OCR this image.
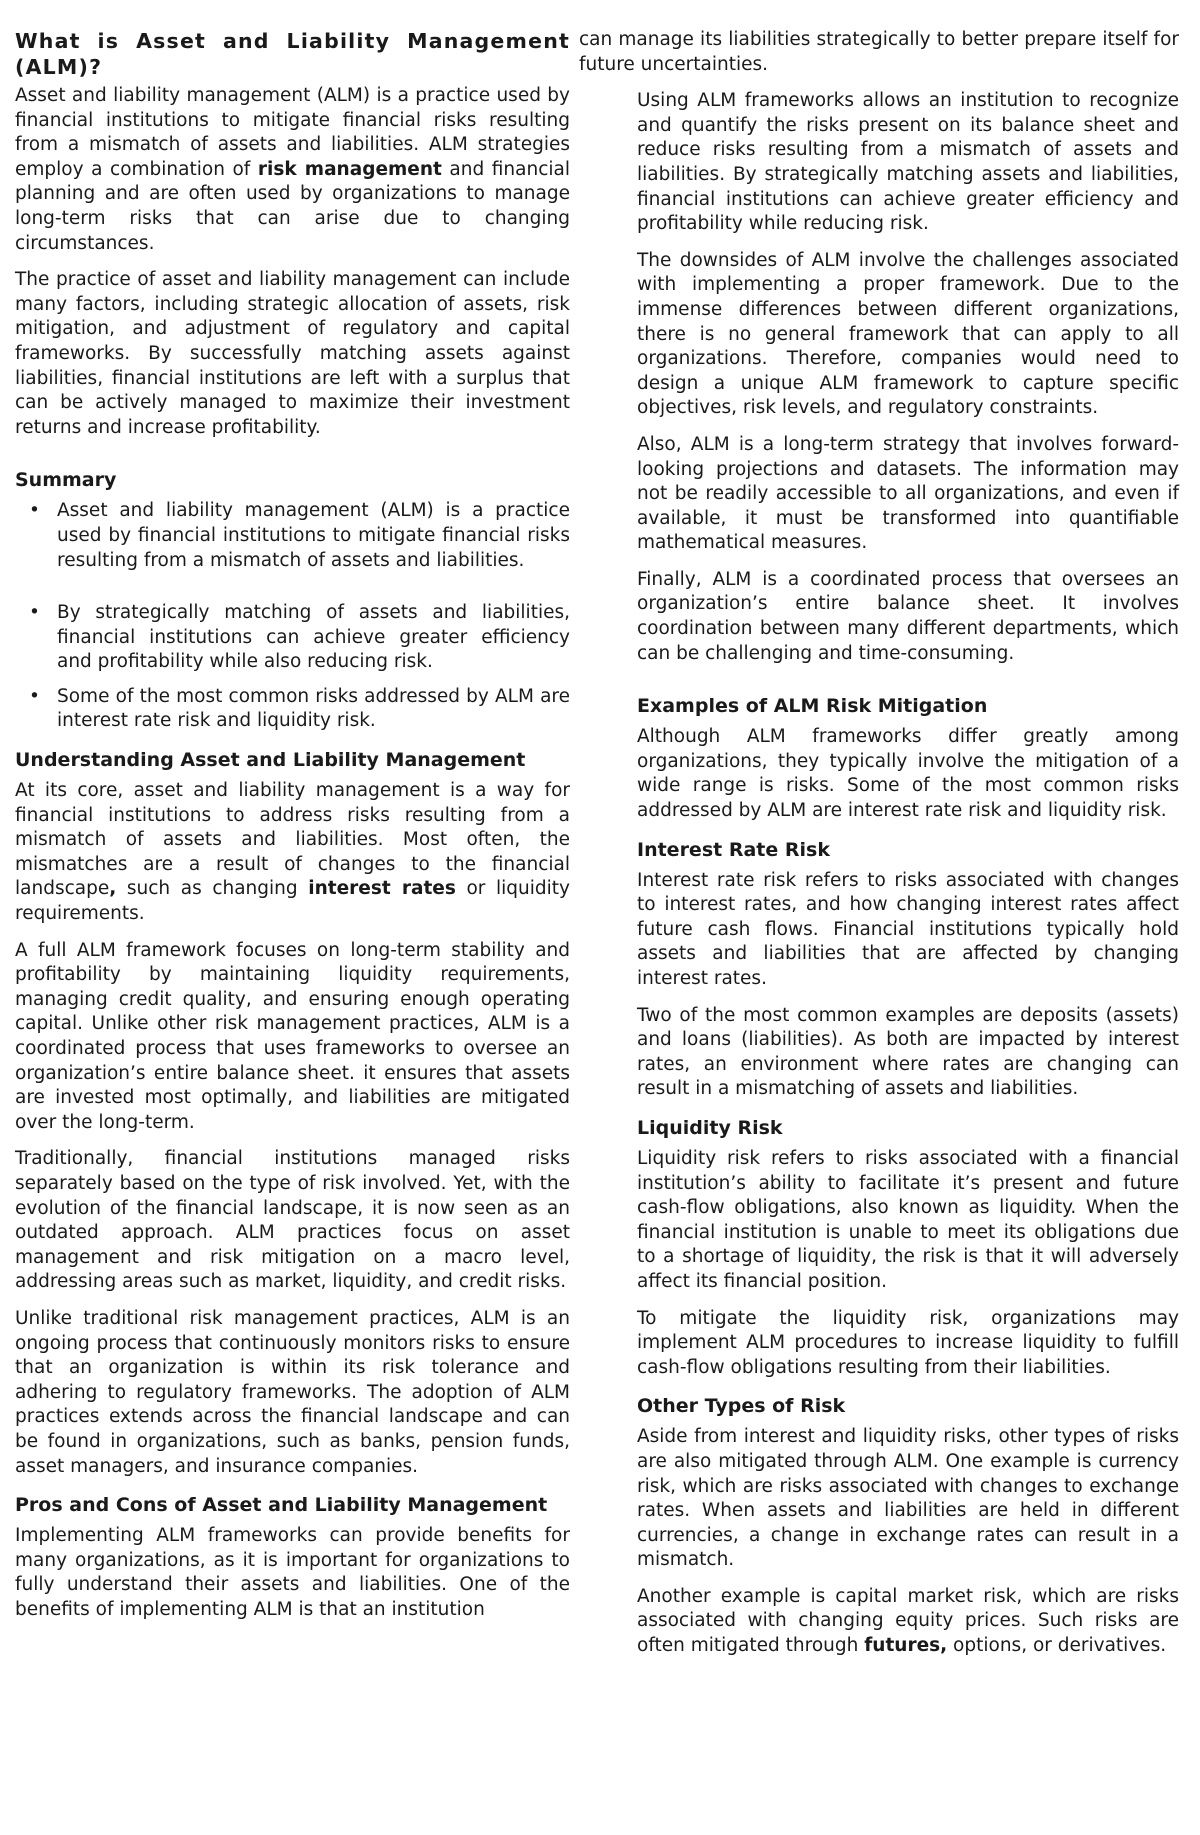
What is Asset and Liability Management (ALM)?

Asset and liability management (ALM) is a practice used by financial institutions to mitigate financial risks resulting from a mismatch of assets and liabilities. ALM strategies employ a combination of risk management and financial planning and are often used by organizations to manage long-term risks that can arise due to changing circumstances.

The practice of asset and liability management can include many factors, including strategic allocation of assets, risk mitigation, and adjustment of regulatory and capital frameworks. By successfully matching assets against liabilities, financial institutions are left with a surplus that can be actively managed to maximize their investment returns and increase profitability.

Summary
• Asset and liability management (ALM) is a practice used by financial institutions to mitigate financial risks resulting from a mismatch of assets and liabilities.
• By strategically matching of assets and liabilities, financial institutions can achieve greater efficiency and profitability while also reducing risk.
• Some of the most common risks addressed by ALM are interest rate risk and liquidity risk.
Understanding Asset and Liability Management

At its core, asset and liability management is a way for financial institutions to address risks resulting from a mismatch of assets and liabilities. Most often, the mismatches are a result of changes to the financial landscape, such as changing interest rates or liquidity requirements.

A full ALM framework focuses on long-term stability and profitability by maintaining liquidity requirements, managing credit quality, and ensuring enough operating capital. Unlike other risk management practices, ALM is a coordinated process that uses frameworks to oversee an organization’s entire balance sheet. it ensures that assets are invested most optimally, and liabilities are mitigated over the long-term.

Traditionally, financial institutions managed risks separately based on the type of risk involved. Yet, with the evolution of the financial landscape, it is now seen as an outdated approach. ALM practices focus on asset management and risk mitigation on a macro level, addressing areas such as market, liquidity, and credit risks.

Unlike traditional risk management practices, ALM is an ongoing process that continuously monitors risks to ensure that an organization is within its risk tolerance and adhering to regulatory frameworks. The adoption of ALM practices extends across the financial landscape and can be found in organizations, such as banks, pension funds, asset managers, and insurance companies.

Pros and Cons of Asset and Liability Management

Implementing ALM frameworks can provide benefits for many organizations, as it is important for organizations to fully understand their assets and liabilities. One of the benefits of implementing ALM is that an institution

can manage its liabilities strategically to better prepare itself for future uncertainties.

Using ALM frameworks allows an institution to recognize and quantify the risks present on its balance sheet and reduce risks resulting from a mismatch of assets and liabilities. By strategically matching assets and liabilities, financial institutions can achieve greater efficiency and profitability while reducing risk.

The downsides of ALM involve the challenges associated with implementing a proper framework. Due to the immense differences between different organizations, there is no general framework that can apply to all organizations. Therefore, companies would need to design a unique ALM framework to capture specific objectives, risk levels, and regulatory constraints.

Also, ALM is a long-term strategy that involves forward-looking projections and datasets. The information may not be readily accessible to all organizations, and even if available, it must be transformed into quantifiable mathematical measures.

Finally, ALM is a coordinated process that oversees an organization’s entire balance sheet. It involves coordination between many different departments, which can be challenging and time-consuming.

Examples of ALM Risk Mitigation

Although ALM frameworks differ greatly among organizations, they typically involve the mitigation of a wide range is risks. Some of the most common risks addressed by ALM are interest rate risk and liquidity risk.

Interest Rate Risk

Interest rate risk refers to risks associated with changes to interest rates, and how changing interest rates affect future cash flows. Financial institutions typically hold assets and liabilities that are affected by changing interest rates.

Two of the most common examples are deposits (assets) and loans (liabilities). As both are impacted by interest rates, an environment where rates are changing can result in a mismatching of assets and liabilities.

Liquidity Risk

Liquidity risk refers to risks associated with a financial institution’s ability to facilitate it’s present and future cash-flow obligations, also known as liquidity. When the financial institution is unable to meet its obligations due to a shortage of liquidity, the risk is that it will adversely affect its financial position.

To mitigate the liquidity risk, organizations may implement ALM procedures to increase liquidity to fulfill cash-flow obligations resulting from their liabilities.

Other Types of Risk

Aside from interest and liquidity risks, other types of risks are also mitigated through ALM. One example is currency risk, which are risks associated with changes to exchange rates. When assets and liabilities are held in different currencies, a change in exchange rates can result in a mismatch.

Another example is capital market risk, which are risks associated with changing equity prices. Such risks are often mitigated through futures, options, or derivatives.
